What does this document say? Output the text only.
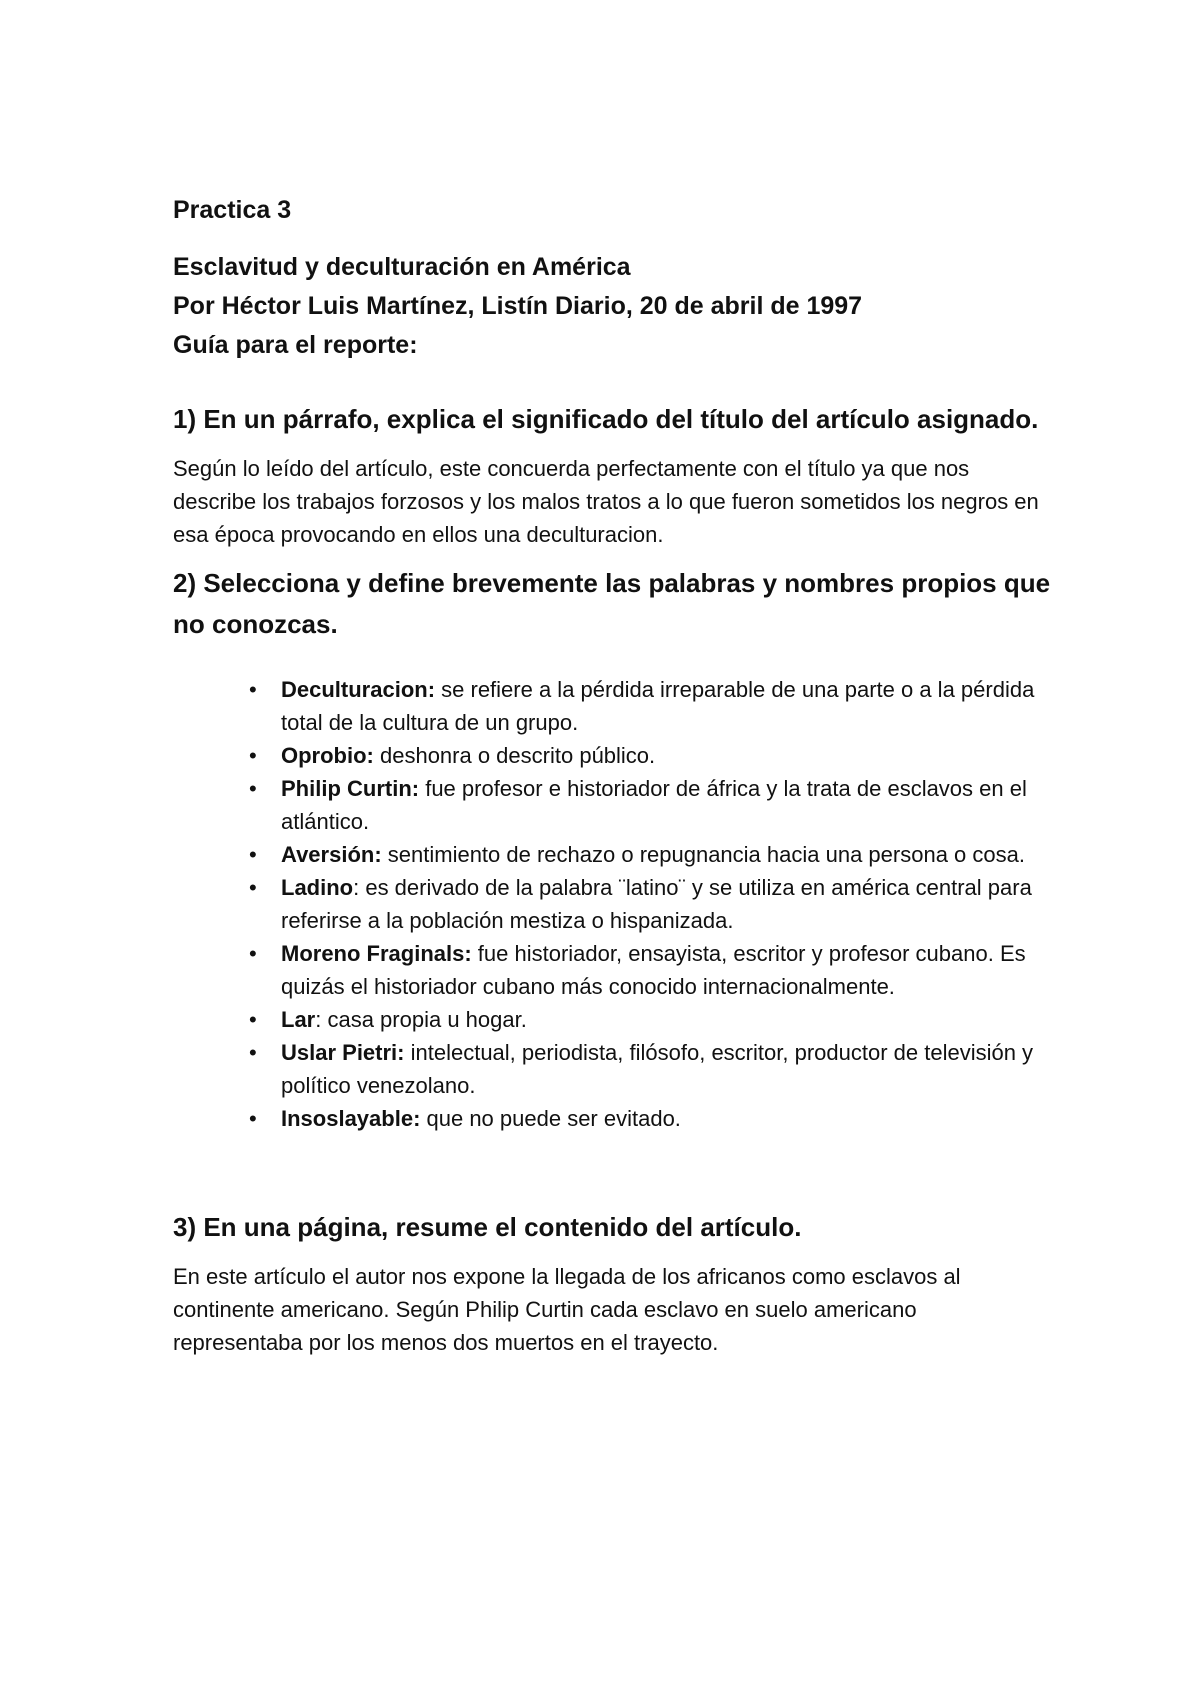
Practica 3
Esclavitud y deculturación en América
Por Héctor Luis Martínez, Listín Diario, 20 de abril de 1997
Guía para el reporte:
1) En un párrafo, explica el significado del título del artículo asignado.
Según lo leído del artículo, este concuerda perfectamente con el título ya que nos describe los trabajos forzosos y los malos tratos a lo que fueron sometidos los negros en esa época provocando en ellos una deculturacion.
2) Selecciona y define brevemente las palabras y nombres propios que no conozcas.
• Deculturacion: se refiere a la pérdida irreparable de una parte o a la pérdida total de la cultura de un grupo.
• Oprobio: deshonra o descrito público.
• Philip Curtin: fue profesor e historiador de áfrica y la trata de esclavos en el atlántico.
• Aversión: sentimiento de rechazo o repugnancia hacia una persona o cosa.
• Ladino: es derivado de la palabra ¨latino¨ y se utiliza en américa central para referirse a la población mestiza o hispanizada.
• Moreno Fraginals: fue historiador, ensayista, escritor y profesor cubano. Es quizás el historiador cubano más conocido internacionalmente.
• Lar: casa propia u hogar.
• Uslar Pietri: intelectual, periodista, filósofo, escritor, productor de televisión y político venezolano.
• Insoslayable: que no puede ser evitado.
3) En una página, resume el contenido del artículo.
En este artículo el autor nos expone la llegada de los africanos como esclavos al continente americano. Según Philip Curtin cada esclavo en suelo americano representaba por los menos dos muertos en el trayecto.
